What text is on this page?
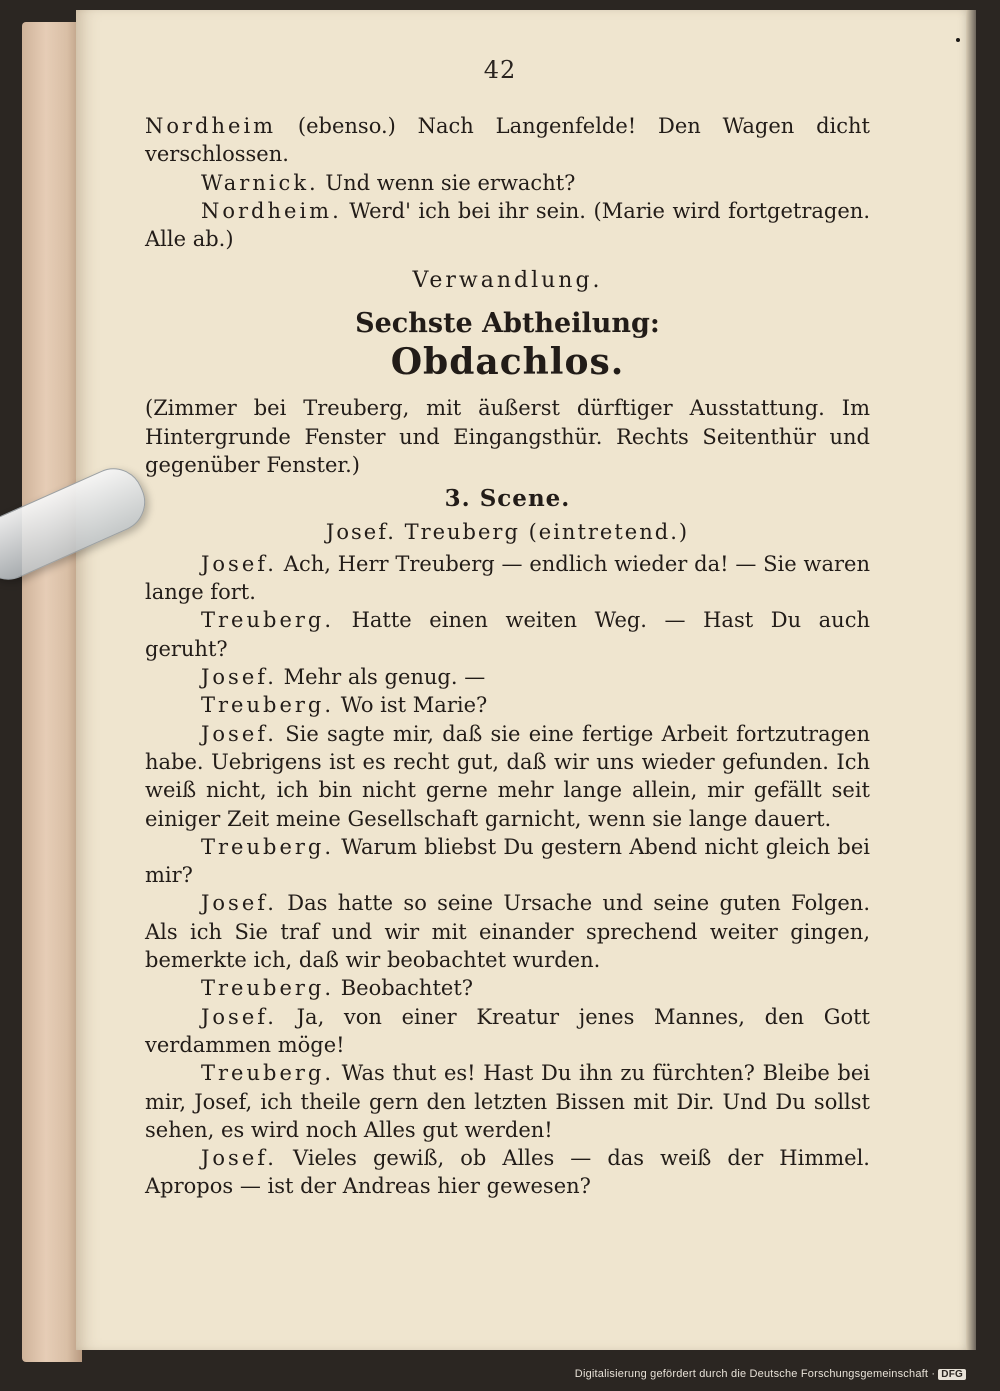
42

Nordheim (ebenso.) Nach Langenfelde! Den Wagen dicht verschlossen.

Warnick. Und wenn sie erwacht?

Nordheim. Werd' ich bei ihr sein. (Marie wird fortgetragen. Alle ab.)

Verwandlung.
Sechste Abtheilung:
Obdachlos.

(Zimmer bei Treuberg, mit äußerst dürftiger Ausstattung. Im Hintergrunde Fenster und Eingangsthür. Rechts Seitenthür und gegenüber Fenster.)

3. Scene.
Josef. Treuberg (eintretend.)

Josef. Ach, Herr Treuberg — endlich wieder da! — Sie waren lange fort.

Treuberg. Hatte einen weiten Weg. — Hast Du auch geruht?

Josef. Mehr als genug. —

Treuberg. Wo ist Marie?

Josef. Sie sagte mir, daß sie eine fertige Arbeit fortzutragen habe. Uebrigens ist es recht gut, daß wir uns wieder gefunden. Ich weiß nicht, ich bin nicht gerne mehr lange allein, mir gefällt seit einiger Zeit meine Gesellschaft garnicht, wenn sie lange dauert.

Treuberg. Warum bliebst Du gestern Abend nicht gleich bei mir?

Josef. Das hatte so seine Ursache und seine guten Folgen. Als ich Sie traf und wir mit einander sprechend weiter gingen, bemerkte ich, daß wir beobachtet wurden.

Treuberg. Beobachtet?

Josef. Ja, von einer Kreatur jenes Mannes, den Gott verdammen möge!

Treuberg. Was thut es! Hast Du ihn zu fürchten? Bleibe bei mir, Josef, ich theile gern den letzten Bissen mit Dir. Und Du sollst sehen, es wird noch Alles gut werden!

Josef. Vieles gewiß, ob Alles — das weiß der Himmel. Apropos — ist der Andreas hier gewesen?

Digitalisierung gefördert durch die Deutsche Forschungsgemeinschaft · DFG
